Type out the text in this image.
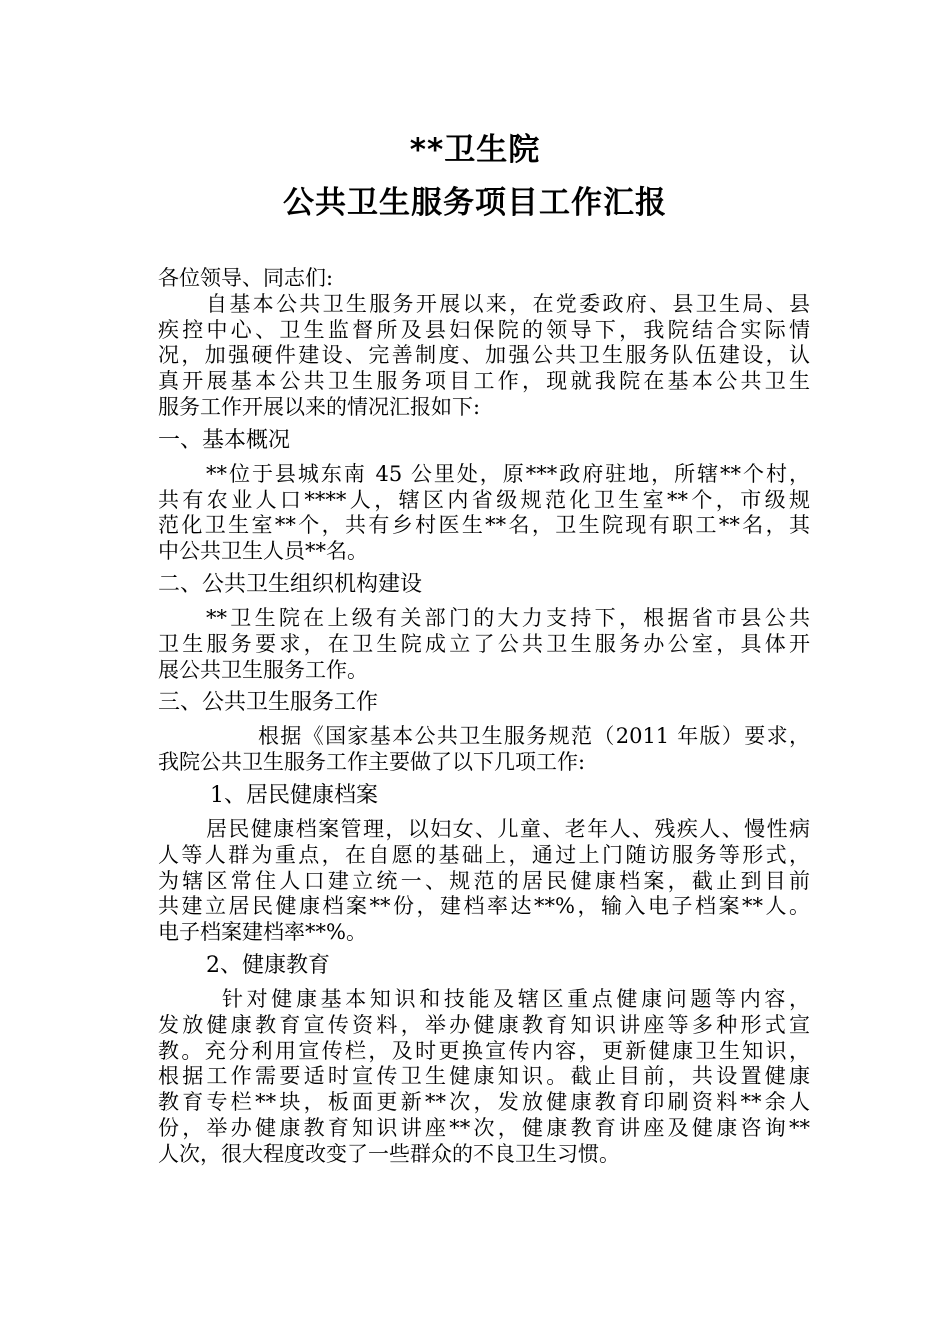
**卫生院
公共卫生服务项目工作汇报
各位领导、同志们:
自基本公共卫生服务开展以来，在党委政府、县卫生局、县
疾控中心、卫生监督所及县妇保院的领导下，我院结合实际情
况，加强硬件建设、完善制度、加强公共卫生服务队伍建设，认
真开展基本公共卫生服务项目工作，现就我院在基本公共卫生
服务工作开展以来的情况汇报如下:
一、基本概况
**位于县城东南 45 公里处，原***政府驻地，所辖**个村，
共有农业人口****人，辖区内省级规范化卫生室**个，市级规
范化卫生室**个，共有乡村医生**名，卫生院现有职工**名，其
中公共卫生人员**名。
二、公共卫生组织机构建设
**卫生院在上级有关部门的大力支持下，根据省市县公共
卫生服务要求，在卫生院成立了公共卫生服务办公室，具体开
展公共卫生服务工作。
三、公共卫生服务工作
根据《国家基本公共卫生服务规范（2011 年版）要求，
我院公共卫生服务工作主要做了以下几项工作:
1、居民健康档案
居民健康档案管理，以妇女、儿童、老年人、残疾人、慢性病
人等人群为重点，在自愿的基础上，通过上门随访服务等形式，
为辖区常住人口建立统一、规范的居民健康档案，截止到目前
共建立居民健康档案**份，建档率达**%，输入电子档案**人。
电子档案建档率**%。
2、健康教育
针对健康基本知识和技能及辖区重点健康问题等内容，
发放健康教育宣传资料，举办健康教育知识讲座等多种形式宣
教。充分利用宣传栏，及时更换宣传内容，更新健康卫生知识，
根据工作需要适时宣传卫生健康知识。截止目前，共设置健康
教育专栏**块，板面更新**次，发放健康教育印刷资料**余人
份，举办健康教育知识讲座**次，健康教育讲座及健康咨询**
人次，很大程度改变了一些群众的不良卫生习惯。
